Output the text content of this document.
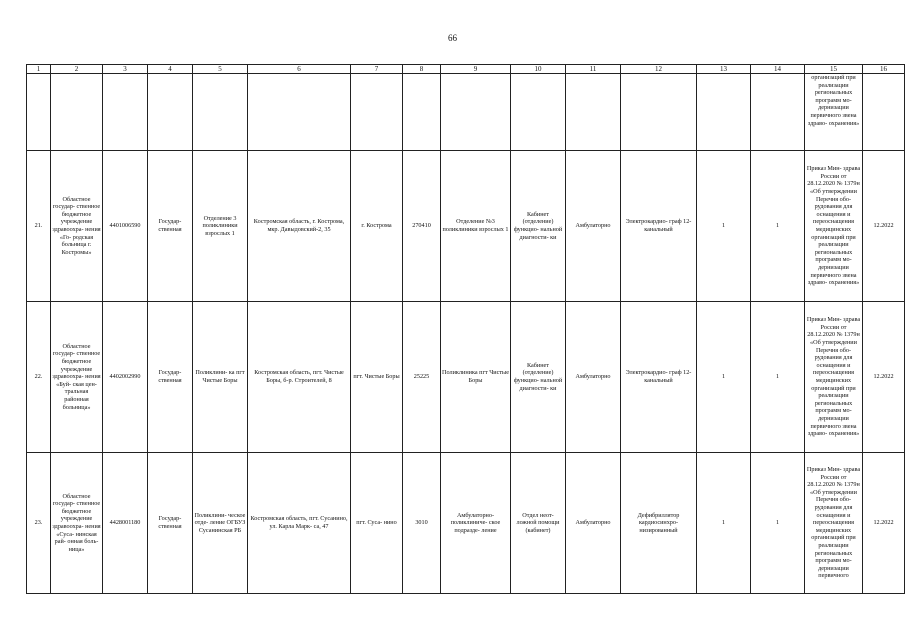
66
1	2	3	4	5	6	7	8	9	10	11	12	13	14	15	16
														организаций при реализации региональных программ мо- дернизации первичного звена здраво- охранения»	
21.	Областное государ- ственное бюджетное учреждение здравоохра- нения «Го- родская больница г. Костромы»	4401006590	Государ- ственная	Отделение 3 поликлиники взрослых 1	Костромская область, г. Кострома, мкр. Давыдовский-2, 35	г. Кострома	270410	Отделение №3 поликлиники взрослых 1	Кабинет (отделение) функцио- нальной диагности- ки	Амбулаторно	Электрокардио- граф 12- канальный	1	1	Приказ Мин- здрава России от 28.12.2020 № 1379н «Об утверждении Перечня обо- рудования для оснащения и переоснащения медицинских организаций при реализации региональных программ мо- дернизации первичного звена здраво- охранения»	12.2022
22.	Областное государ- ственное бюджетное учреждение здравоохра- нения «Буй- ская цен- тральная районная больница»	4402002990	Государ- ственная	Поликлини- ка пгт Чистые Боры	Костромская область, пгт. Чистые Боры, б-р. Строителей, 8	пгт. Чистые Боры	25225	Поликлиника пгт Чистые Боры	Кабинет (отделение) функцио- нальной диагности- ки	Амбулаторно	Электрокардио- граф 12- канальный	1	1	Приказ Мин- здрава России от 28.12.2020 № 1379н «Об утверждении Перечня обо- рудования для оснащения и переоснащения медицинских организаций при реализации региональных программ мо- дернизации первичного звена здраво- охранения»	12.2022
23.	Областное государ- ственное бюджетное учреждение здравоохра- нения «Суса- нинская рай- онная боль- ница»	4428001180	Государ- ственная	Поликлини- ческое отде- ление ОГБУЗ Сусанинская РБ	Костромская область, пгт. Сусанино, ул. Карла Марк- са, 47	пгт. Суса- нино	3010	Амбулаторно- поликлиниче- ское подразде- ление	Отдел неот- ложной помощи (кабинет)	Амбулаторно	Дефибриллятор кардиосинхро- низированный	1	1	Приказ Мин- здрава России от 28.12.2020 № 1379н «Об утверждении Перечня обо- рудования для оснащения и переоснащения медицинских организаций при реализации региональных программ мо- дернизации первичного	12.2022
